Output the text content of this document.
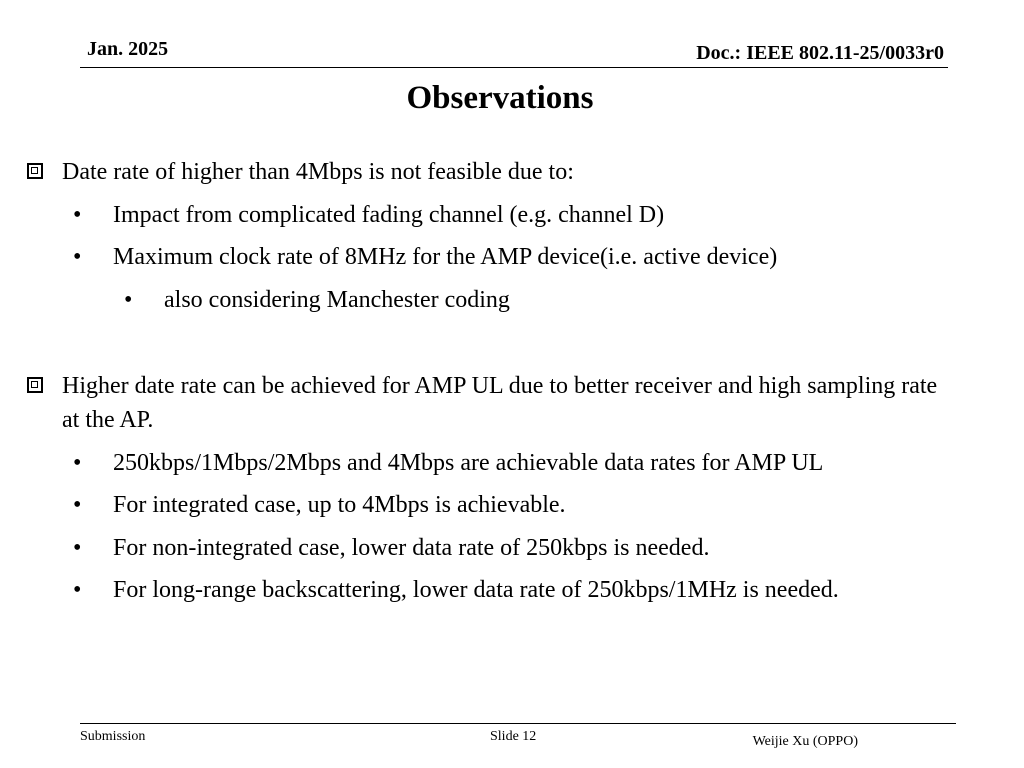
Jan. 2025	Doc.: IEEE 802.11-25/0033r0
Observations
Date rate of higher than 4Mbps is not feasible due to:
• Impact from complicated fading channel (e.g. channel D)
• Maximum clock rate of 8MHz for the AMP device(i.e. active device)
• also considering Manchester coding
Higher date rate can be achieved for AMP UL due to better receiver and high sampling rate at the AP.
• 250kbps/1Mbps/2Mbps and 4Mbps are achievable data rates for AMP UL
• For integrated case, up to 4Mbps is achievable.
• For non-integrated case, lower data rate of 250kbps is needed.
• For long-range backscattering, lower data rate of 250kbps/1MHz is needed.
Submission	Slide 12	Weijie Xu (OPPO)
